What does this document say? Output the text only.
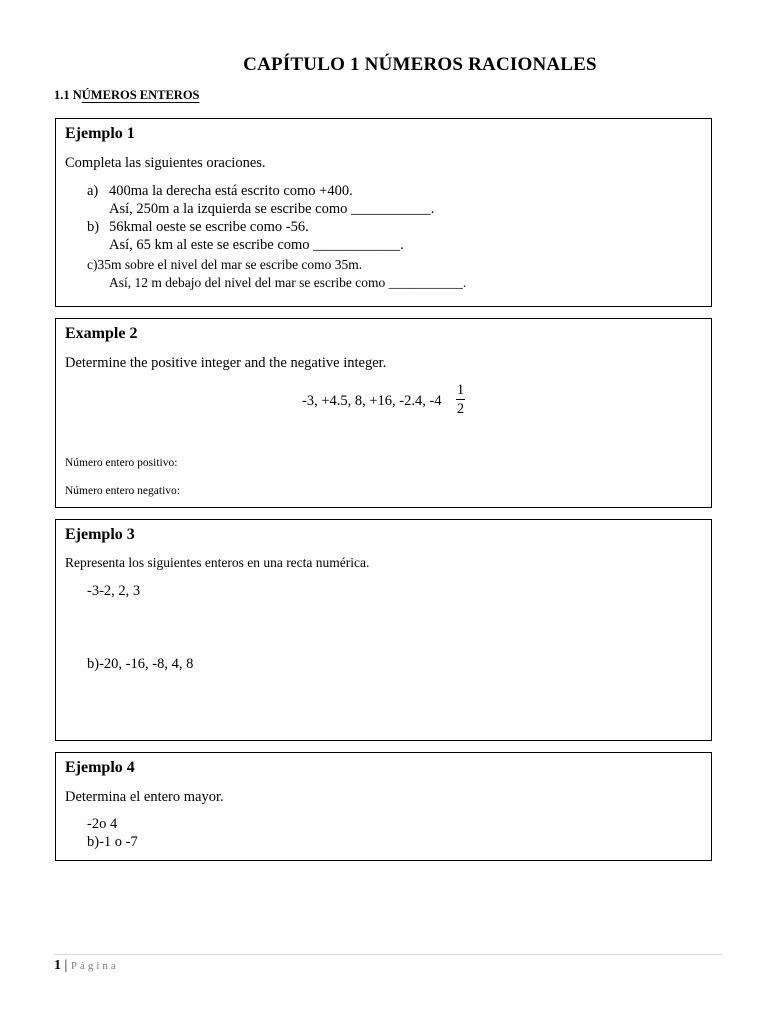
CAPÍTULO 1 NÚMEROS RACIONALES
1.1 NÚMEROS ENTEROS
Ejemplo 1
Completa las siguientes oraciones.
a) 400ma la derecha está escrito como +400.
Así, 250m a la izquierda se escribe como ___________.
b) 56kmal oeste se escribe como -56.
Así, 65 km al este se escribe como ____________.
c)35m sobre el nivel del mar se escribe como 35m.
Así, 12 m debajo del nivel del mar se escribe como ___________.
Example 2
Determine the positive integer and the negative integer.
-3, +4.5, 8, +16, -2.4, -4
1
2
Número entero positivo:
Número entero negativo:
Ejemplo 3
Representa los siguientes enteros en una recta numérica.
-3-2, 2, 3
b)-20, -16, -8, 4, 8
Ejemplo 4
Determina el entero mayor.
-2o 4
b)-1 o -7
1 | Página
